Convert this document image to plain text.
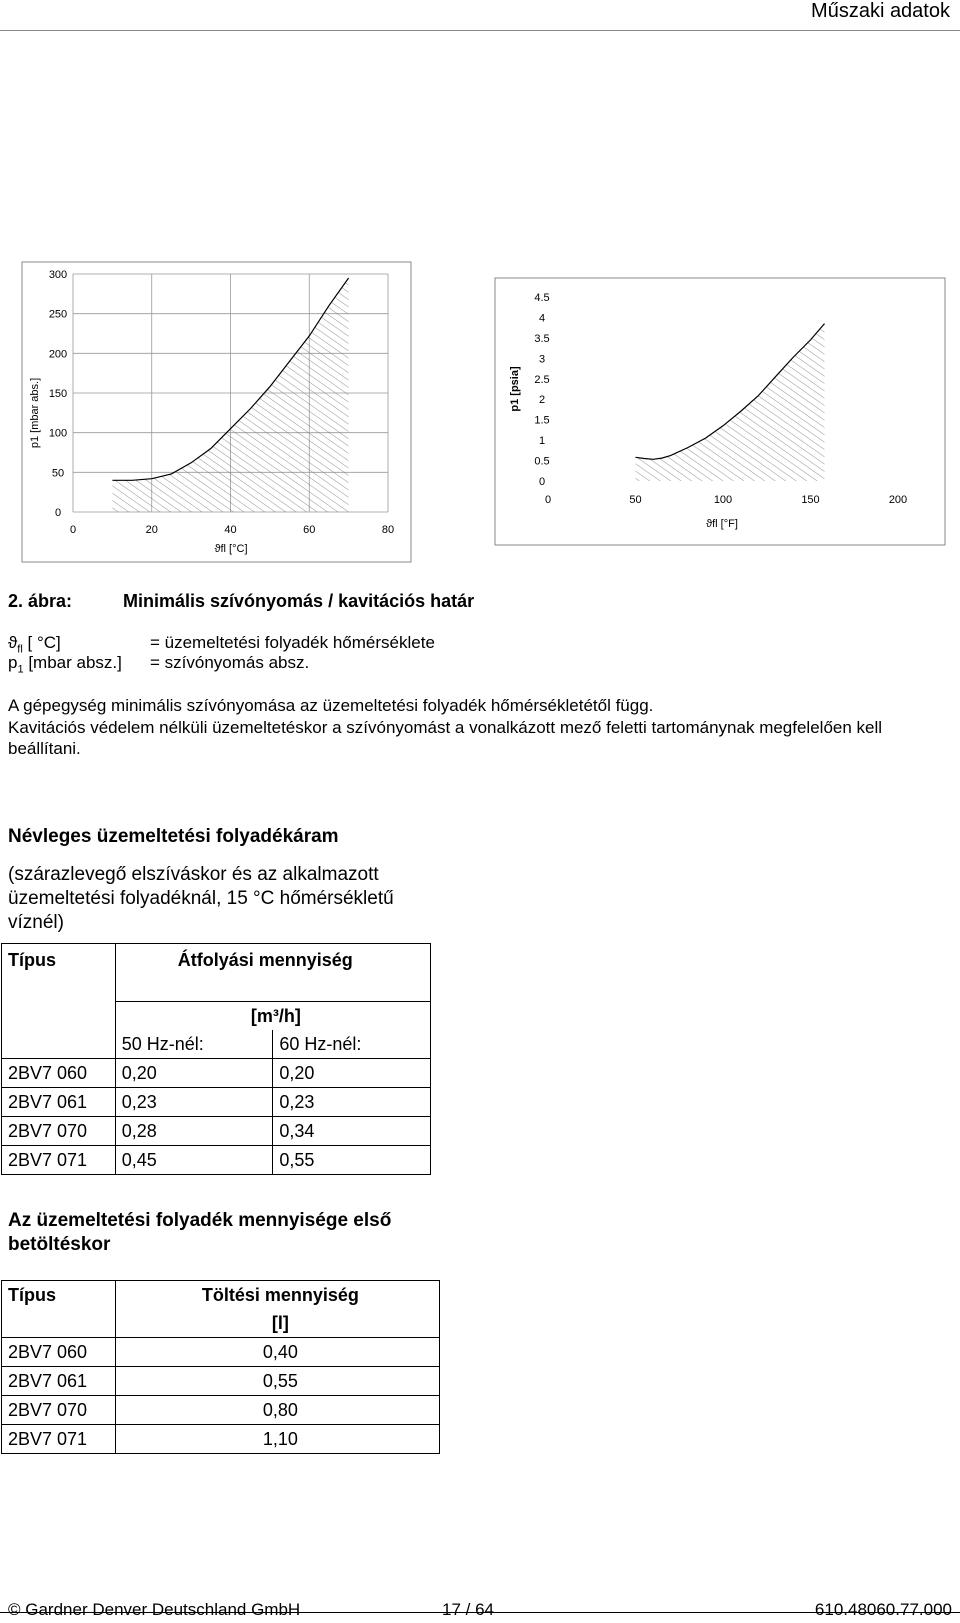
Műszaki adatok
0
50
100
150
200
250
300
0	20	40	60	80
p1 [mbar abs.]
ϑfl [°C]
0
0.5
1
1.5
2
2.5
3
3.5
4
4.5
0	50	100	150	200
p1 [psia]
ϑfl [°F]
2. ábra:	Minimális szívónyomás / kavitációs határ
$ϑ_{fl}$ [ °C]	= üzemeltetési folyadék hőmérséklete
$p_1$ [mbar absz.] = szívónyomás absz.
A gépegység minimális szívónyomása az üzemeltetési folyadék hőmérsékletétől függ.
Kavitációs védelem nélküli üzemeltetéskor a szívónyomást a vonalkázott mező feletti tartománynak megfelelően kell beállítani.
Névleges üzemeltetési folyadékáram
(szárazlevegő elszíváskor és az alkalmazott üzemeltetési folyadéknál, 15 °C hőmérsékletű víznél)
Típus	Átfolyási mennyiség	
	[m³/h]	
	50 Hz-nél:	60 Hz-nél:
2BV7 060	0,20	0,20
2BV7 061	0,23	0,23
2BV7 070	0,28	0,34
2BV7 071	0,45	0,55
Az üzemeltetési folyadék mennyisége első betöltéskor
Típus	Töltési mennyiség
	[l]
2BV7 060	0,40
2BV7 061	0,55
2BV7 070	0,80
2BV7 071	1,10
© Gardner Denver Deutschland GmbH	17 / 64	610.48060.77.000
